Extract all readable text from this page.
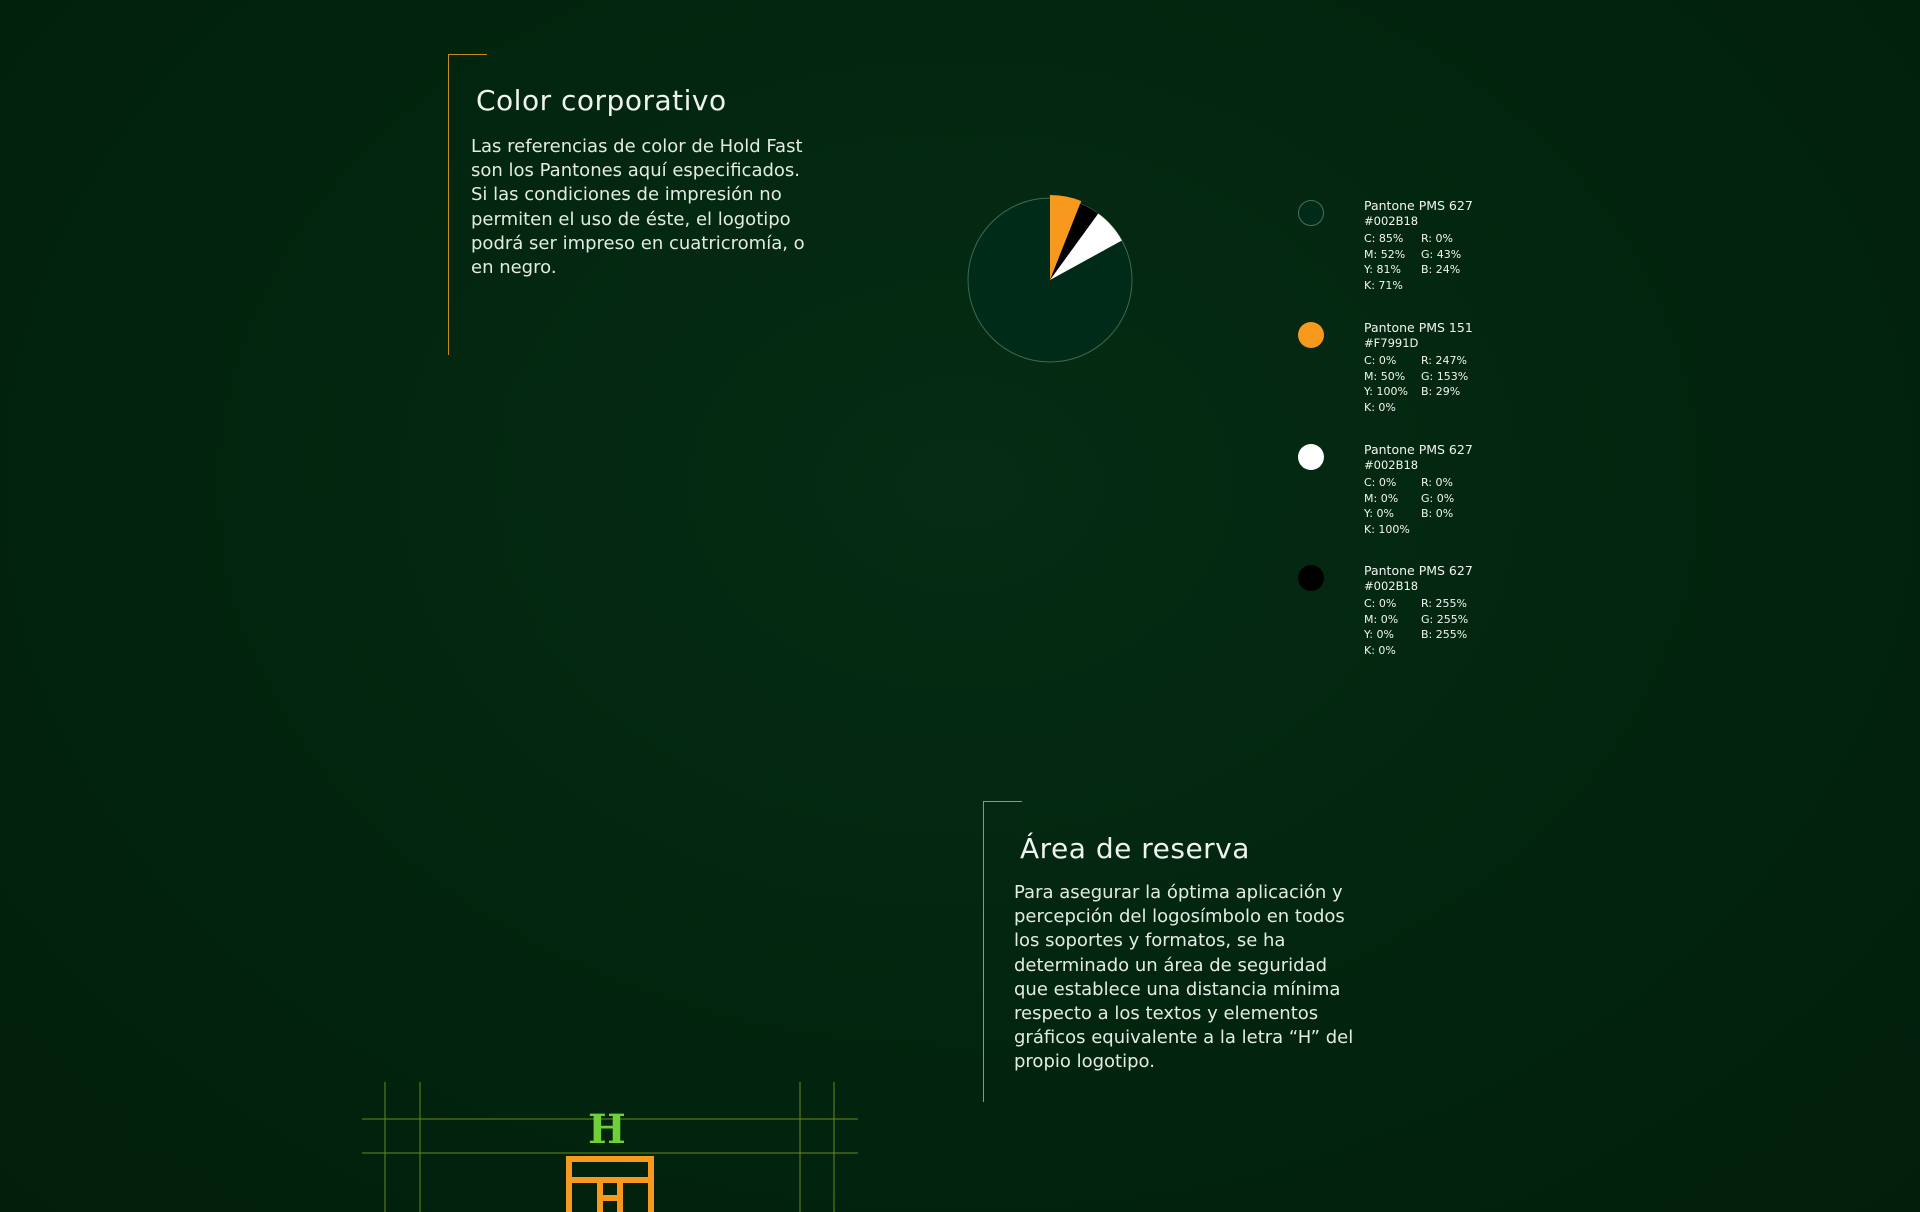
Color corporativo

Las referencias de color de Hold Fast
son los Pantones aquí especificados.
Si las condiciones de impresión no
permiten el uso de éste, el logotipo
podrá ser impreso en cuatricromía, o
en negro.

Pantone PMS 627
#002B18
C: 85%	R: 0%
M: 52%	G: 43%
Y: 81%	B: 24%
K: 71%
Pantone PMS 151
#F7991D
C: 0%	R: 247%
M: 50%	G: 153%
Y: 100%	B: 29%
K: 0%
Pantone PMS 627
#002B18
C: 0%	R: 0%
M: 0%	G: 0%
Y: 0%	B: 0%
K: 100%
Pantone PMS 627
#002B18
C: 0%	R: 255%
M: 0%	G: 255%
Y: 0%	B: 255%
K: 0%
Área de reserva

Para asegurar la óptima aplicación y
percepción del logosímbolo en todos
los soportes y formatos, se ha
determinado un área de seguridad
que establece una distancia mínima
respecto a los textos y elementos
gráficos equivalente a la letra “H” del
propio logotipo.

H
